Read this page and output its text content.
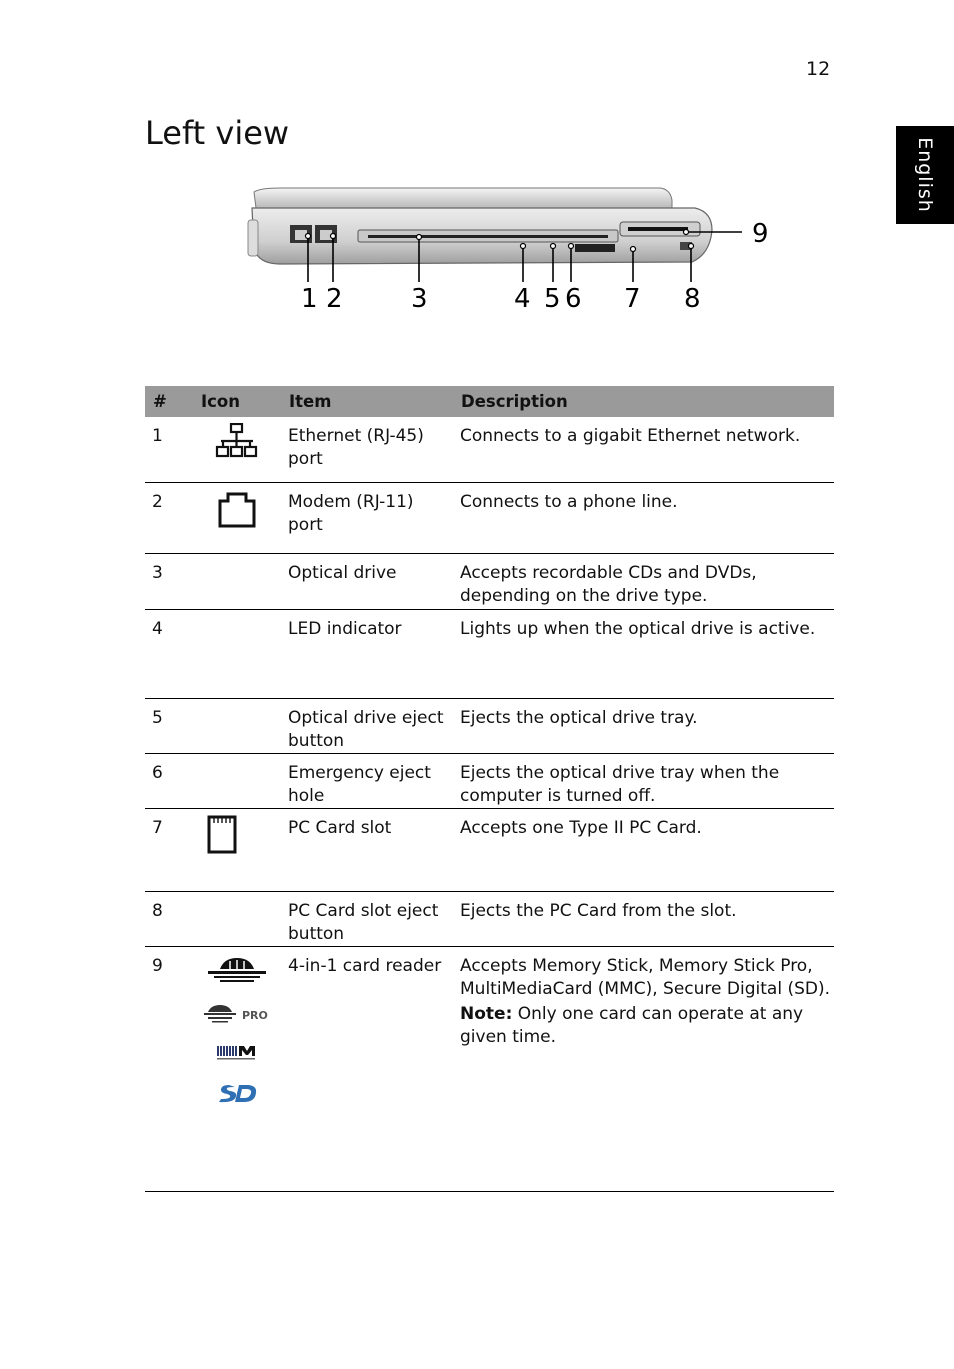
12
English
Left view
1 2	3	4 5 6 7 8
9
#	Icon	Item	Description
1		Ethernet (RJ-45) port	Connects to a gigabit Ethernet network.
2		Modem (RJ-11) port	Connects to a phone line.
3		Optical drive	Accepts recordable CDs and DVDs, depending on the drive type.
4		LED indicator	Lights up when the optical drive is active.
5		Optical drive eject button	Ejects the optical drive tray.
6		Emergency eject hole	Ejects the optical drive tray when the computer is turned off.
7		PC Card slot	Accepts one Type II PC Card.
8		PC Card slot eject button	Ejects the PC Card from the slot.
9	PRO	4-in-1 card reader	Accepts Memory Stick, Memory Stick Pro, MultiMediaCard (MMC), Secure Digital (SD).
Note: Only one card can operate at any given time.
